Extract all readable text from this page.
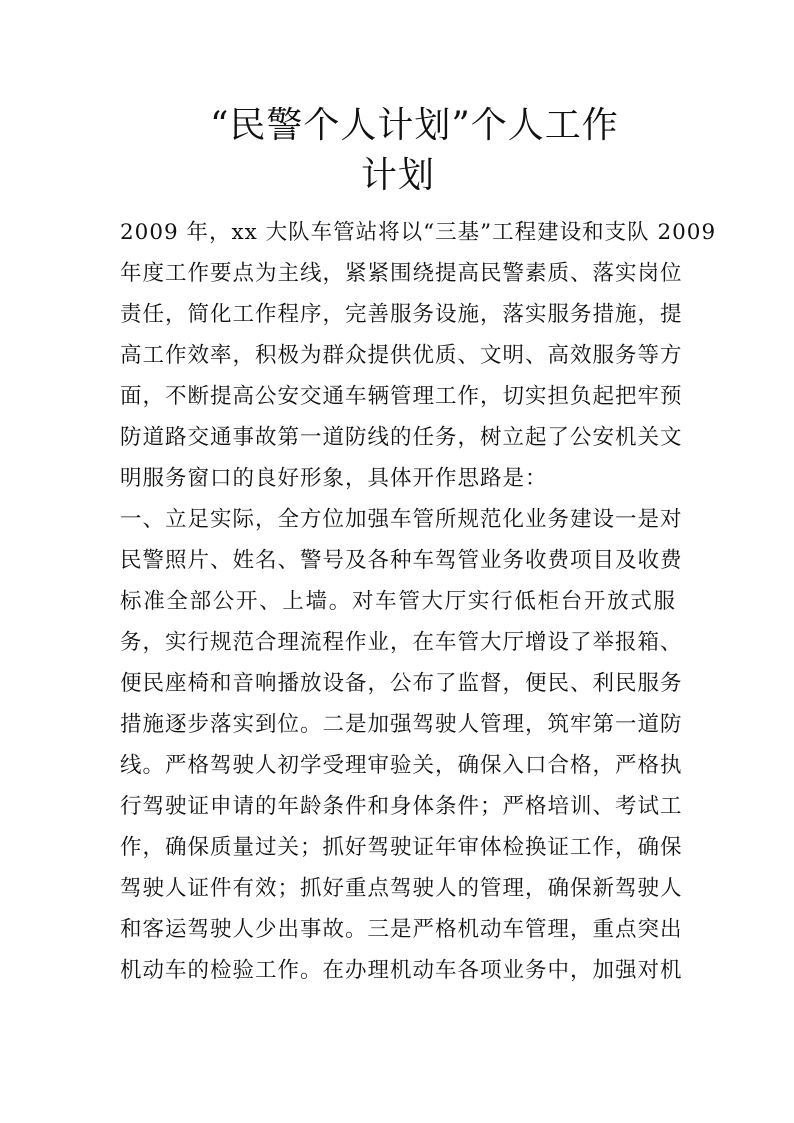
“民警个人计划”个人工作
计划
2009 年，xx 大队车管站将以“三基”工程建设和支队 2009
年度工作要点为主线，紧紧围绕提高民警素质、落实岗位
责任，简化工作程序，完善服务设施，落实服务措施，提
高工作效率，积极为群众提供优质、文明、高效服务等方
面，不断提高公安交通车辆管理工作，切实担负起把牢预
防道路交通事故第一道防线的任务，树立起了公安机关文
明服务窗口的良好形象，具体开作思路是：
一、立足实际，全方位加强车管所规范化业务建设一是对
民警照片、姓名、警号及各种车驾管业务收费项目及收费
标准全部公开、上墙。对车管大厅实行低柜台开放式服
务，实行规范合理流程作业，在车管大厅增设了举报箱、
便民座椅和音响播放设备，公布了监督，便民、利民服务
措施逐步落实到位。二是加强驾驶人管理，筑牢第一道防
线。严格驾驶人初学受理审验关，确保入口合格，严格执
行驾驶证申请的年龄条件和身体条件；严格培训、考试工
作，确保质量过关；抓好驾驶证年审体检换证工作，确保
驾驶人证件有效；抓好重点驾驶人的管理，确保新驾驶人
和客运驾驶人少出事故。三是严格机动车管理，重点突出
机动车的检验工作。在办理机动车各项业务中，加强对机
